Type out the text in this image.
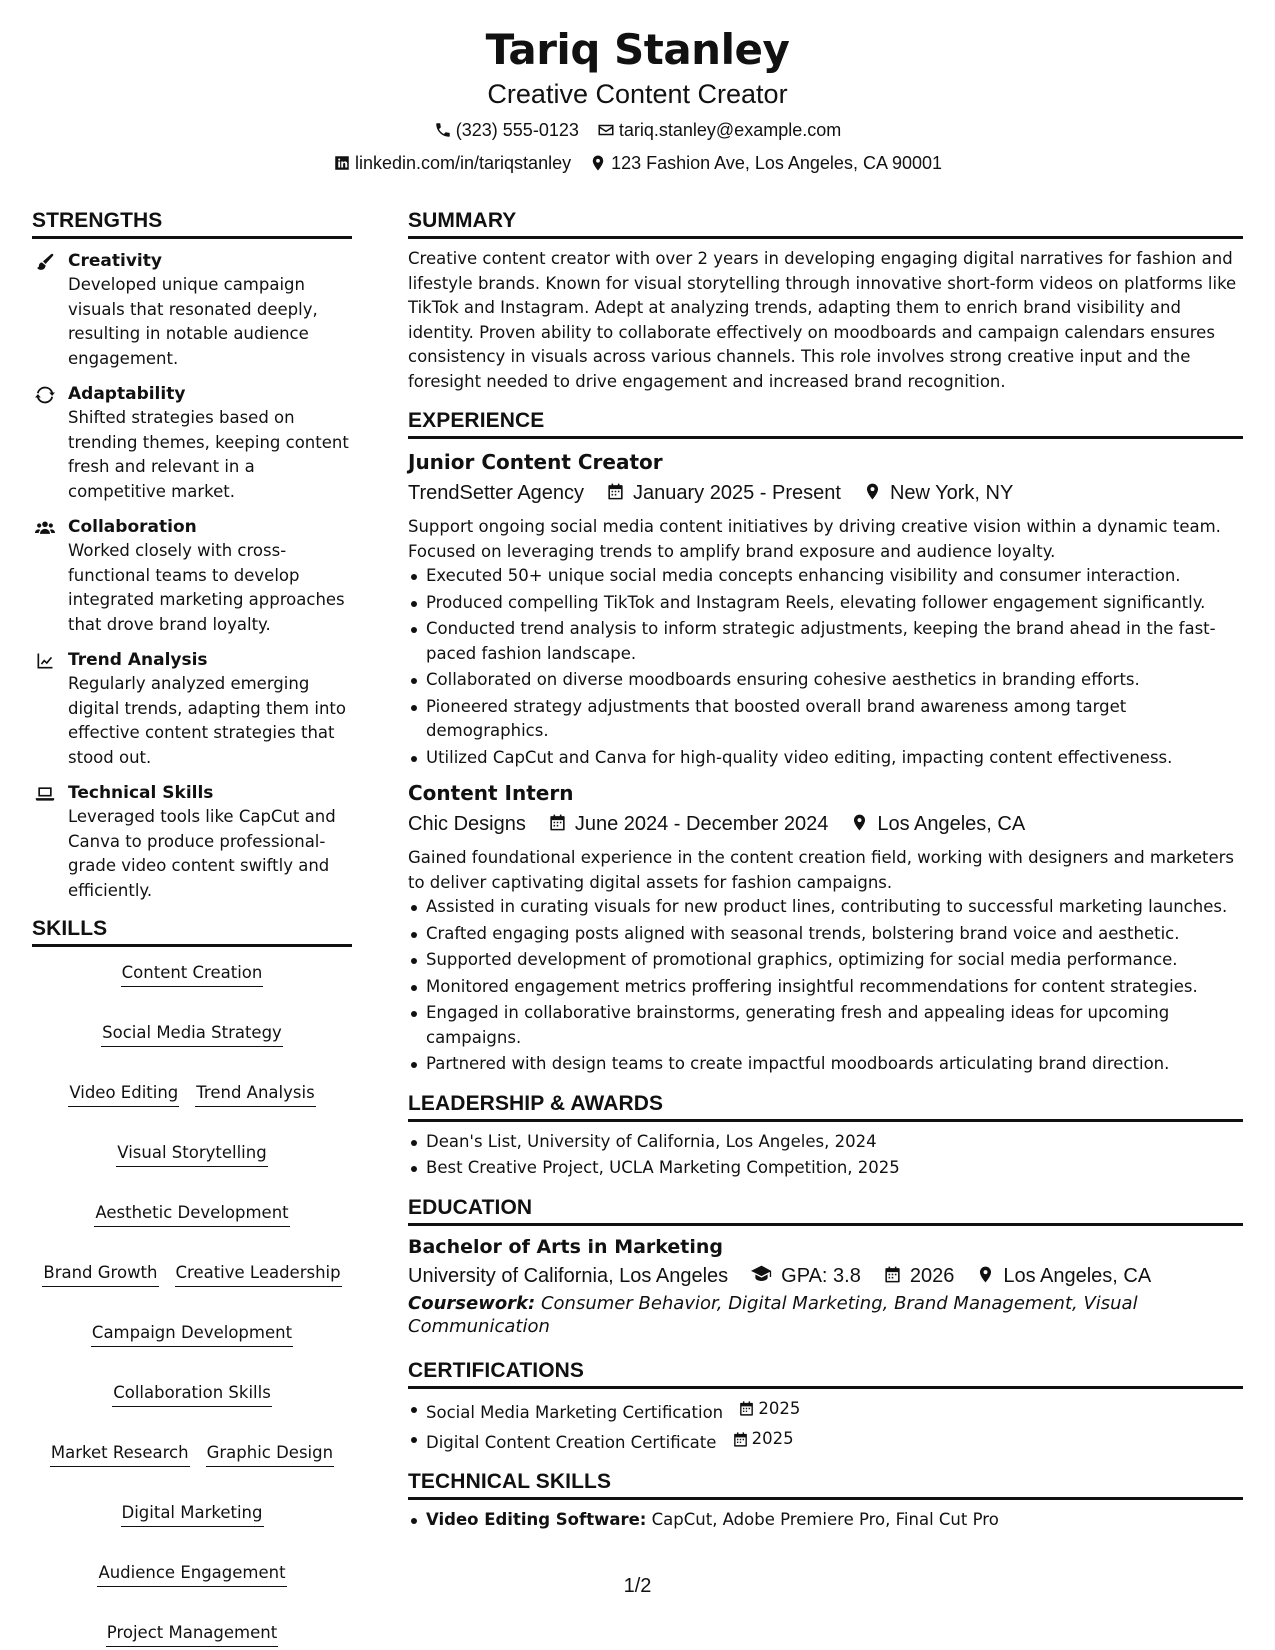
Tariq Stanley
Creative Content Creator
(323) 555-0123 tariq.stanley@example.com
linkedin.com/in/tariqstanley 123 Fashion Ave, Los Angeles, CA 90001
STRENGTHS
Creativity
Developed unique campaign visuals that resonated deeply, resulting in notable audience engagement.
Adaptability
Shifted strategies based on trending themes, keeping content fresh and relevant in a competitive market.
Collaboration
Worked closely with cross-functional teams to develop integrated marketing approaches that drove brand loyalty.
Trend Analysis
Regularly analyzed emerging digital trends, adapting them into effective content strategies that stood out.
Technical Skills
Leveraged tools like CapCut and Canva to produce professional-grade video content swiftly and efficiently.
SKILLS
Content Creation
Social Media Strategy
Video Editing Trend Analysis
Visual Storytelling
Aesthetic Development
Brand Growth Creative Leadership
Campaign Development
Collaboration Skills
Market Research Graphic Design
Digital Marketing
Audience Engagement
Project Management
SUMMARY
Creative content creator with over 2 years in developing engaging digital narratives for fashion and lifestyle brands. Known for visual storytelling through innovative short-form videos on platforms like TikTok and Instagram. Adept at analyzing trends, adapting them to enrich brand visibility and identity. Proven ability to collaborate effectively on moodboards and campaign calendars ensures consistency in visuals across various channels. This role involves strong creative input and the foresight needed to drive engagement and increased brand recognition.
EXPERIENCE
Junior Content Creator
TrendSetter Agency January 2025 - Present New York, NY
Support ongoing social media content initiatives by driving creative vision within a dynamic team. Focused on leveraging trends to amplify brand exposure and audience loyalty.
Executed 50+ unique social media concepts enhancing visibility and consumer interaction.
Produced compelling TikTok and Instagram Reels, elevating follower engagement significantly.
Conducted trend analysis to inform strategic adjustments, keeping the brand ahead in the fast-paced fashion landscape.
Collaborated on diverse moodboards ensuring cohesive aesthetics in branding efforts.
Pioneered strategy adjustments that boosted overall brand awareness among target demographics.
Utilized CapCut and Canva for high-quality video editing, impacting content effectiveness.
Content Intern
Chic Designs June 2024 - December 2024 Los Angeles, CA
Gained foundational experience in the content creation field, working with designers and marketers to deliver captivating digital assets for fashion campaigns.
Assisted in curating visuals for new product lines, contributing to successful marketing launches.
Crafted engaging posts aligned with seasonal trends, bolstering brand voice and aesthetic.
Supported development of promotional graphics, optimizing for social media performance.
Monitored engagement metrics proffering insightful recommendations for content strategies.
Engaged in collaborative brainstorms, generating fresh and appealing ideas for upcoming campaigns.
Partnered with design teams to create impactful moodboards articulating brand direction.
LEADERSHIP & AWARDS
Dean's List, University of California, Los Angeles, 2024
Best Creative Project, UCLA Marketing Competition, 2025
EDUCATION
Bachelor of Arts in Marketing
University of California, Los Angeles	GPA: 3.8 2026 Los Angeles, CA
Coursework: Consumer Behavior, Digital Marketing, Brand Management, Visual Communication
CERTIFICATIONS
Social Media Marketing Certification 2025
Digital Content Creation Certificate 2025
TECHNICAL SKILLS
Video Editing Software: CapCut, Adobe Premiere Pro, Final Cut Pro
1/2
